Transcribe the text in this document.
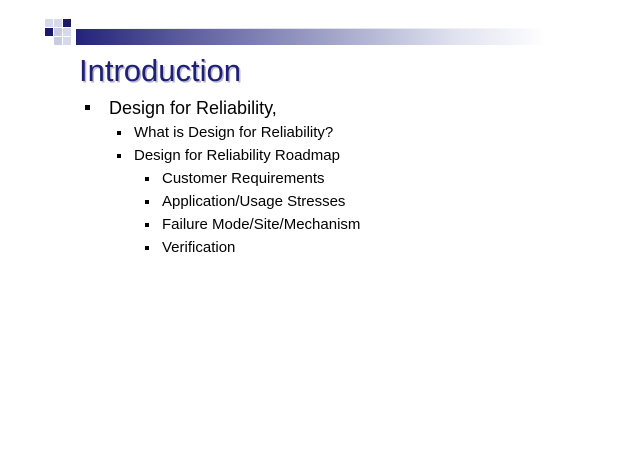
Introduction
Design for Reliability,
What is Design for Reliability?
Design for Reliability Roadmap
Customer Requirements
Application/Usage Stresses
Failure Mode/Site/Mechanism
Verification
